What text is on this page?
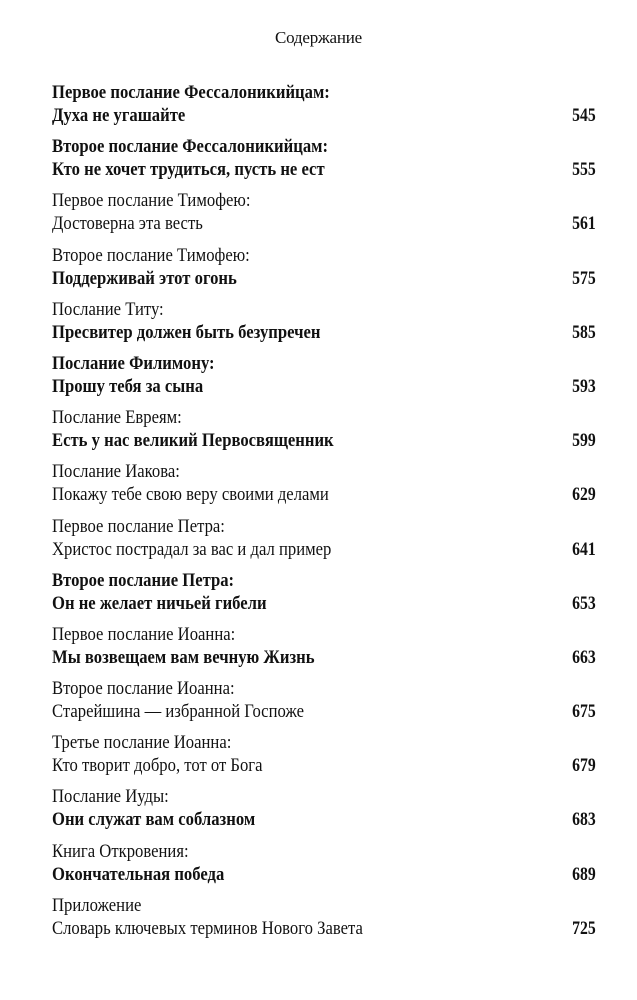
Содержание
Первое послание Фессалоникийцам:
Духа не угашайте	545
Второе послание Фессалоникийцам:
Кто не хочет трудиться, пусть не ест	555
Первое послание Тимофею:
Достоверна эта весть	561
Второе послание Тимофею:
Поддерживай этот огонь	575
Послание Титу:
Пресвитер должен быть безупречен	585
Послание Филимону:
Прошу тебя за сына	593
Послание Евреям:
Есть у нас великий Первосвященник	599
Послание Иакова:
Покажу тебе свою веру своими делами	629
Первое послание Петра:
Христос пострадал за вас и дал пример	641
Второе послание Петра:
Он не желает ничьей гибели	653
Первое послание Иоанна:
Мы возвещаем вам вечную Жизнь	663
Второе послание Иоанна:
Старейшина — избранной Госпоже	675
Третье послание Иоанна:
Кто творит добро, тот от Бога	679
Послание Иуды:
Они служат вам соблазном	683
Книга Откровения:
Окончательная победа	689
Приложение
Словарь ключевых терминов Нового Завета	725
